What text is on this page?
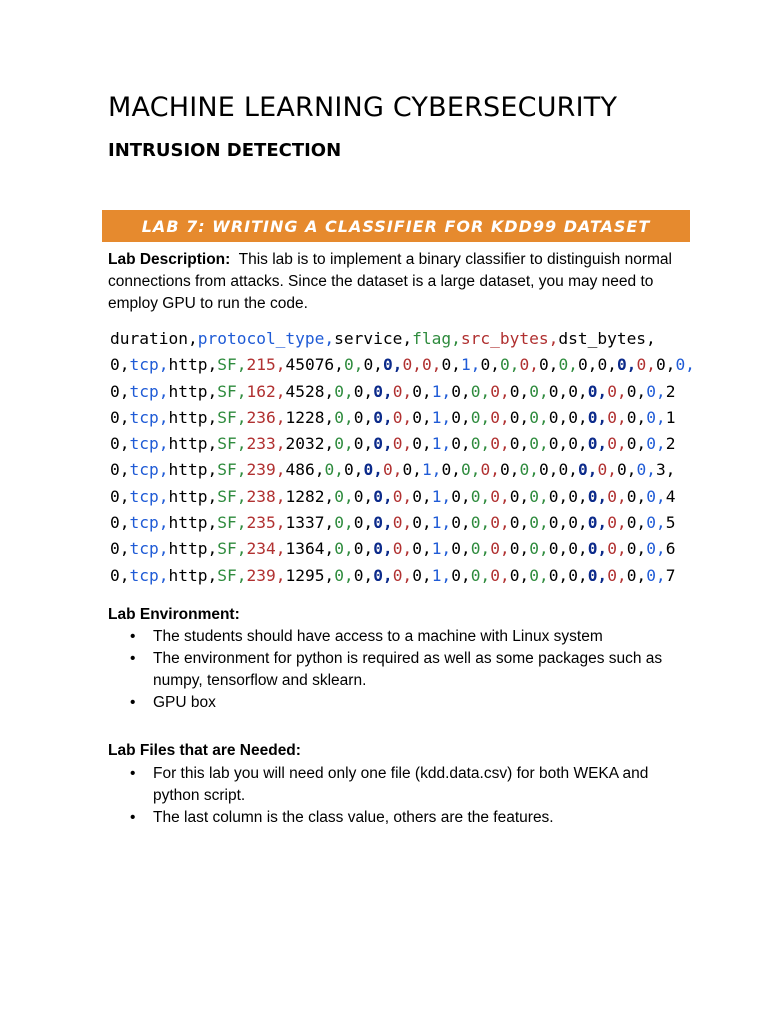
MACHINE LEARNING CYBERSECURITY
INTRUSION DETECTION
LAB 7: WRITING A CLASSIFIER FOR KDD99 DATASET
Lab Description: This lab is to implement a binary classifier to distinguish normal connections from attacks. Since the dataset is a large dataset, you may need to employ GPU to run the code.
duration,protocol_type,service,flag,src_bytes,dst_bytes,
0,tcp,http,SF,215,45076,0,0,0,0,0,0,1,0,0,0,0,0,0,0,0,0,0,0,
0,tcp,http,SF,162,4528,0,0,0,0,0,1,0,0,0,0,0,0,0,0,0,0,0,2
0,tcp,http,SF,236,1228,0,0,0,0,0,1,0,0,0,0,0,0,0,0,0,0,0,1
0,tcp,http,SF,233,2032,0,0,0,0,0,1,0,0,0,0,0,0,0,0,0,0,0,2
0,tcp,http,SF,239,486,0,0,0,0,0,1,0,0,0,0,0,0,0,0,0,0,0,3,
0,tcp,http,SF,238,1282,0,0,0,0,0,1,0,0,0,0,0,0,0,0,0,0,0,4
0,tcp,http,SF,235,1337,0,0,0,0,0,1,0,0,0,0,0,0,0,0,0,0,0,5
0,tcp,http,SF,234,1364,0,0,0,0,0,1,0,0,0,0,0,0,0,0,0,0,0,6
0,tcp,http,SF,239,1295,0,0,0,0,0,1,0,0,0,0,0,0,0,0,0,0,0,7
Lab Environment:
• The students should have access to a machine with Linux system
• The environment for python is required as well as some packages such as numpy, tensorflow and sklearn.
• GPU box
Lab Files that are Needed:
• For this lab you will need only one file (kdd.data.csv) for both WEKA and python script.
• The last column is the class value, others are the features.
